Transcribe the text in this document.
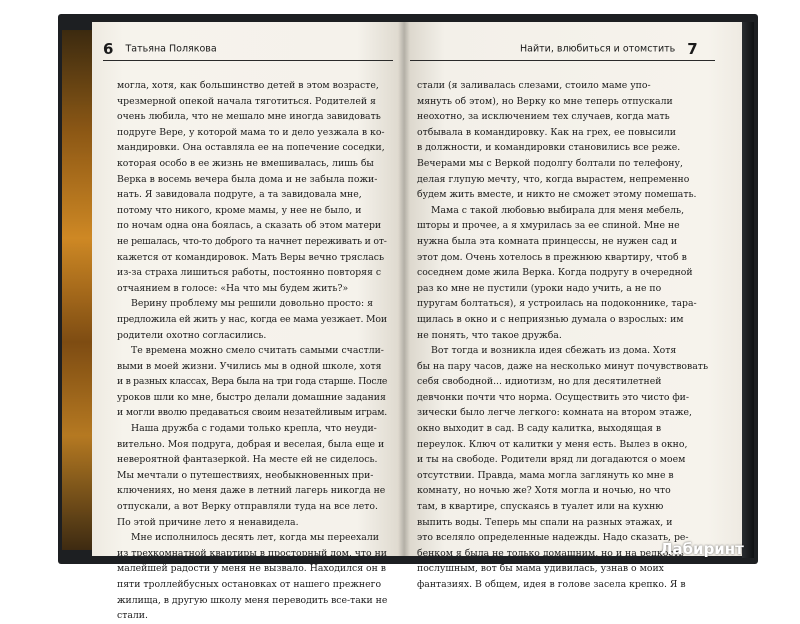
6 Татьяна Полякова	Найти, влюбиться и отомстить 7
могла, хотя, как большинство детей в этом возрасте,
чрезмерной опекой начала тяготиться. Родителей я
очень любила, что не мешало мне иногда завидовать
подруге Вере, у которой мама то и дело уезжала в ко-
мандировки. Она оставляла ее на попечение соседки,
которая особо в ее жизнь не вмешивалась, лишь бы
Верка в восемь вечера была дома и не забыла пожи-
нать. Я завидовала подруге, а та завидовала мне,
потому что никого, кроме мамы, у нее не было, и
по ночам одна она боялась, а сказать об этом матери
не решалась, что-то доброго та начнет переживать и от-
кажется от командировок. Мать Веры вечно тряслась
из-за страха лишиться работы, постоянно повторяя с
отчаянием в голосе: «На что мы будем жить?»
Верину проблему мы решили довольно просто: я
предложила ей жить у нас, когда ее мама уезжает. Мои
родители охотно согласились.
Те времена можно смело считать самыми счастли-
выми в моей жизни. Учились мы в одной школе, хотя
и в разных классах, Вера была на три года старше. После
уроков шли ко мне, быстро делали домашние задания
и могли вволю предаваться своим незатейливым играм.
Наша дружба с годами только крепла, что неуди-
вительно. Моя подруга, добрая и веселая, была еще и
невероятной фантазеркой. На месте ей не сиделось.
Мы мечтали о путешествиях, необыкновенных при-
ключениях, но меня даже в летний лагерь никогда не
отпускали, а вот Верку отправляли туда на все лето.
По этой причине лето я ненавидела.
Мне исполнилось десять лет, когда мы переехали
из трехкомнатной квартиры в просторный дом, что ни
малейшей радости у меня не вызвало. Находился он в
пяти троллейбусных остановках от нашего прежнего
жилища, в другую школу меня переводить все-таки не
стали.
стали (я заливалась слезами, стоило маме упо-
мянуть об этом), но Верку ко мне теперь отпускали
неохотно, за исключением тех случаев, когда мать
отбывала в командировку. Как на грех, ее повысили
в должности, и командировки становились все реже.
Вечерами мы с Веркой подолгу болтали по телефону,
делая глупую мечту, что, когда вырастем, непременно
будем жить вместе, и никто не сможет этому помешать.
Мама с такой любовью выбирала для меня мебель,
шторы и прочее, а я хмурилась за ее спиной. Мне не
нужна была эта комната принцессы, не нужен сад и
этот дом. Очень хотелось в прежнюю квартиру, чтоб в
соседнем доме жила Верка. Когда подругу в очередной
раз ко мне не пустили (уроки надо учить, а не по
пуругам болтаться), я устроилась на подоконнике, тара-
щилась в окно и с неприязнью думала о взрослых: им
не понять, что такое дружба.
Вот тогда и возникла идея сбежать из дома. Хотя
бы на пару часов, даже на несколько минут почувствовать
себя свободной... идиотизм, но для десятилетней
девчонки почти что норма. Осуществить это чисто фи-
зически было легче легкого: комната на втором этаже,
окно выходит в сад. В саду калитка, выходящая в
переулок. Ключ от калитки у меня есть. Вылез в окно,
и ты на свободе. Родители вряд ли догадаются о моем
отсутствии. Правда, мама могла заглянуть ко мне в
комнату, но ночью же? Хотя могла и ночью, но что
там, в квартире, спускаясь в туалет или на кухню
выпить воды. Теперь мы спали на разных этажах, и
это вселяло определенные надежды. Надо сказать, ре-
бенком я была не только домашним, но и на редкость
послушным, вот бы мама удивилась, узнав о моих
фантазиях. В общем, идея в голове засела крепко. Я в
Лабиринт
